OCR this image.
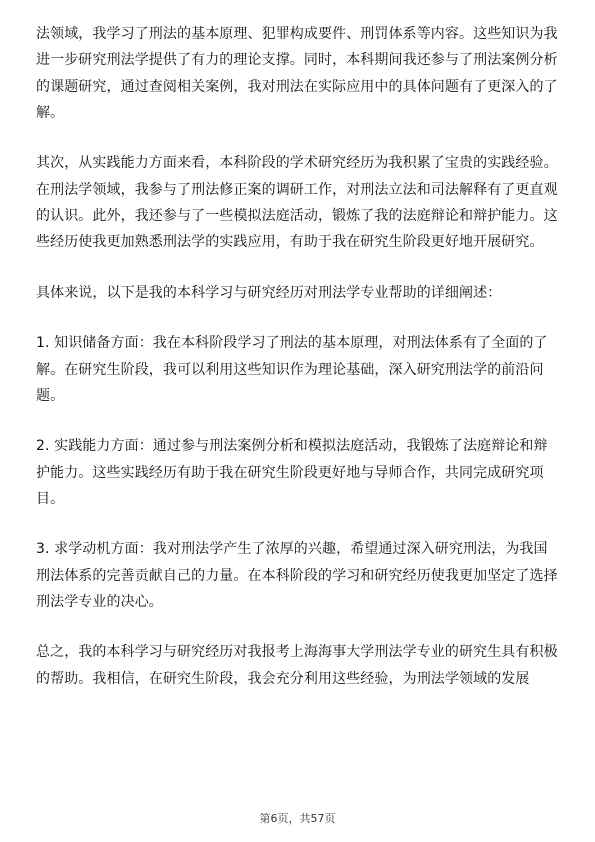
法领域，我学习了刑法的基本原理、犯罪构成要件、刑罚体系等内容。这些知识为我进一步研究刑法学提供了有力的理论支撑。同时，本科期间我还参与了刑法案例分析的课题研究，通过查阅相关案例，我对刑法在实际应用中的具体问题有了更深入的了解。

其次，从实践能力方面来看，本科阶段的学术研究经历为我积累了宝贵的实践经验。在刑法学领域，我参与了刑法修正案的调研工作，对刑法立法和司法解释有了更直观的认识。此外，我还参与了一些模拟法庭活动，锻炼了我的法庭辩论和辩护能力。这些经历使我更加熟悉刑法学的实践应用，有助于我在研究生阶段更好地开展研究。

具体来说，以下是我的本科学习与研究经历对刑法学专业帮助的详细阐述：

1. 知识储备方面：我在本科阶段学习了刑法的基本原理，对刑法体系有了全面的了解。在研究生阶段，我可以利用这些知识作为理论基础，深入研究刑法学的前沿问题。

2. 实践能力方面：通过参与刑法案例分析和模拟法庭活动，我锻炼了法庭辩论和辩护能力。这些实践经历有助于我在研究生阶段更好地与导师合作，共同完成研究项目。

3. 求学动机方面：我对刑法学产生了浓厚的兴趣，希望通过深入研究刑法，为我国刑法体系的完善贡献自己的力量。在本科阶段的学习和研究经历使我更加坚定了选择刑法学专业的决心。

总之，我的本科学习与研究经历对我报考上海海事大学刑法学专业的研究生具有积极的帮助。我相信，在研究生阶段，我会充分利用这些经验，为刑法学领域的发展

第6页，共57页
